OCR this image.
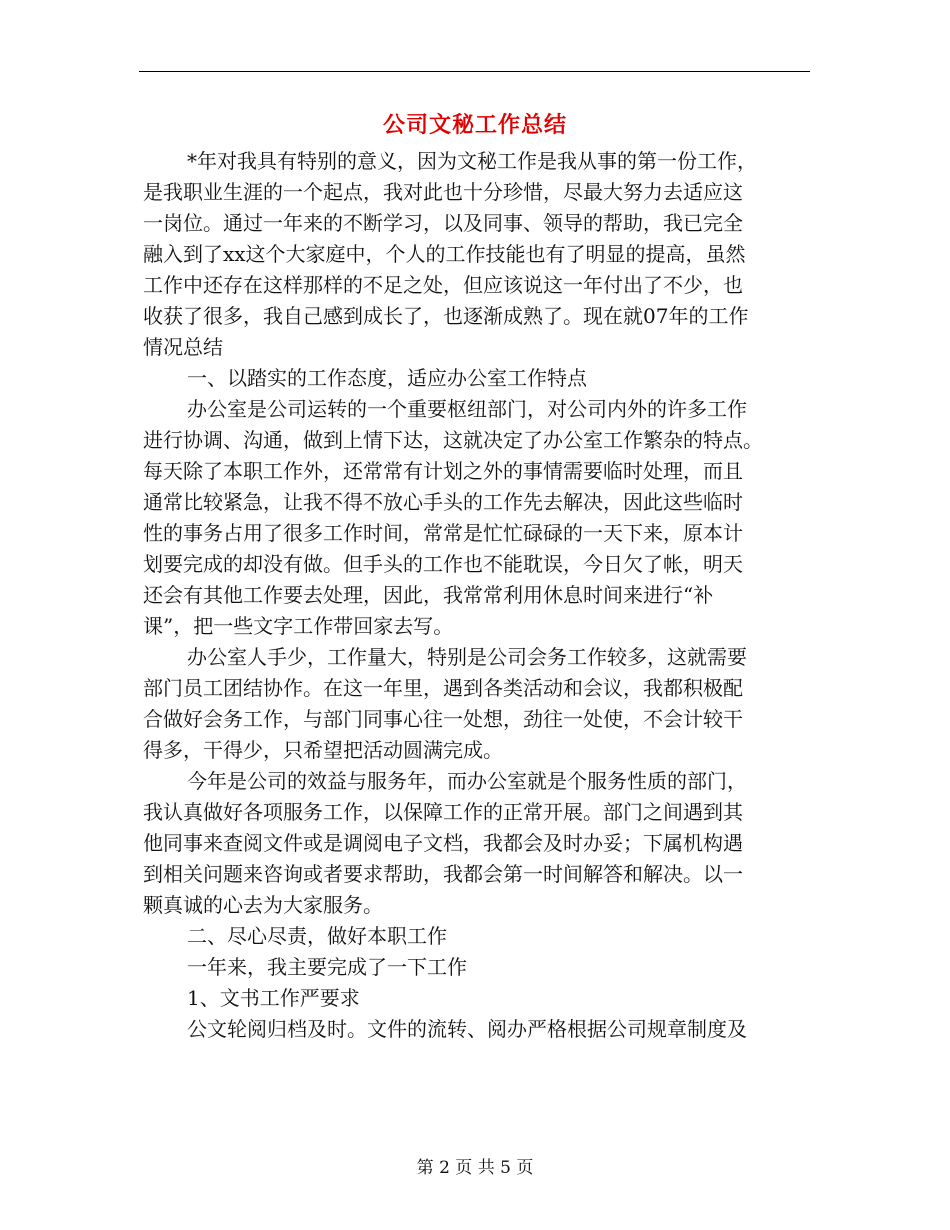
公司文秘工作总结
*年对我具有特别的意义，因为文秘工作是我从事的第一份工作，
是我职业生涯的一个起点，我对此也十分珍惜，尽最大努力去适应这
一岗位。通过一年来的不断学习，以及同事、领导的帮助，我已完全
融入到了xx这个大家庭中，个人的工作技能也有了明显的提高，虽然
工作中还存在这样那样的不足之处，但应该说这一年付出了不少，也
收获了很多，我自己感到成长了，也逐渐成熟了。现在就07年的工作
情况总结
一、以踏实的工作态度，适应办公室工作特点
办公室是公司运转的一个重要枢纽部门，对公司内外的许多工作
进行协调、沟通，做到上情下达，这就决定了办公室工作繁杂的特点。
每天除了本职工作外，还常常有计划之外的事情需要临时处理，而且
通常比较紧急，让我不得不放心手头的工作先去解决，因此这些临时
性的事务占用了很多工作时间，常常是忙忙碌碌的一天下来，原本计
划要完成的却没有做。但手头的工作也不能耽误，今日欠了帐，明天
还会有其他工作要去处理，因此，我常常利用休息时间来进行“补
课”，把一些文字工作带回家去写。
办公室人手少，工作量大，特别是公司会务工作较多，这就需要
部门员工团结协作。在这一年里，遇到各类活动和会议，我都积极配
合做好会务工作，与部门同事心往一处想，劲往一处使，不会计较干
得多，干得少，只希望把活动圆满完成。
今年是公司的效益与服务年，而办公室就是个服务性质的部门，
我认真做好各项服务工作，以保障工作的正常开展。部门之间遇到其
他同事来查阅文件或是调阅电子文档，我都会及时办妥；下属机构遇
到相关问题来咨询或者要求帮助，我都会第一时间解答和解决。以一
颗真诚的心去为大家服务。
二、尽心尽责，做好本职工作
一年来，我主要完成了一下工作
1、文书工作严要求
公文轮阅归档及时。文件的流转、阅办严格根据公司规章制度及
第 2 页 共 5 页
